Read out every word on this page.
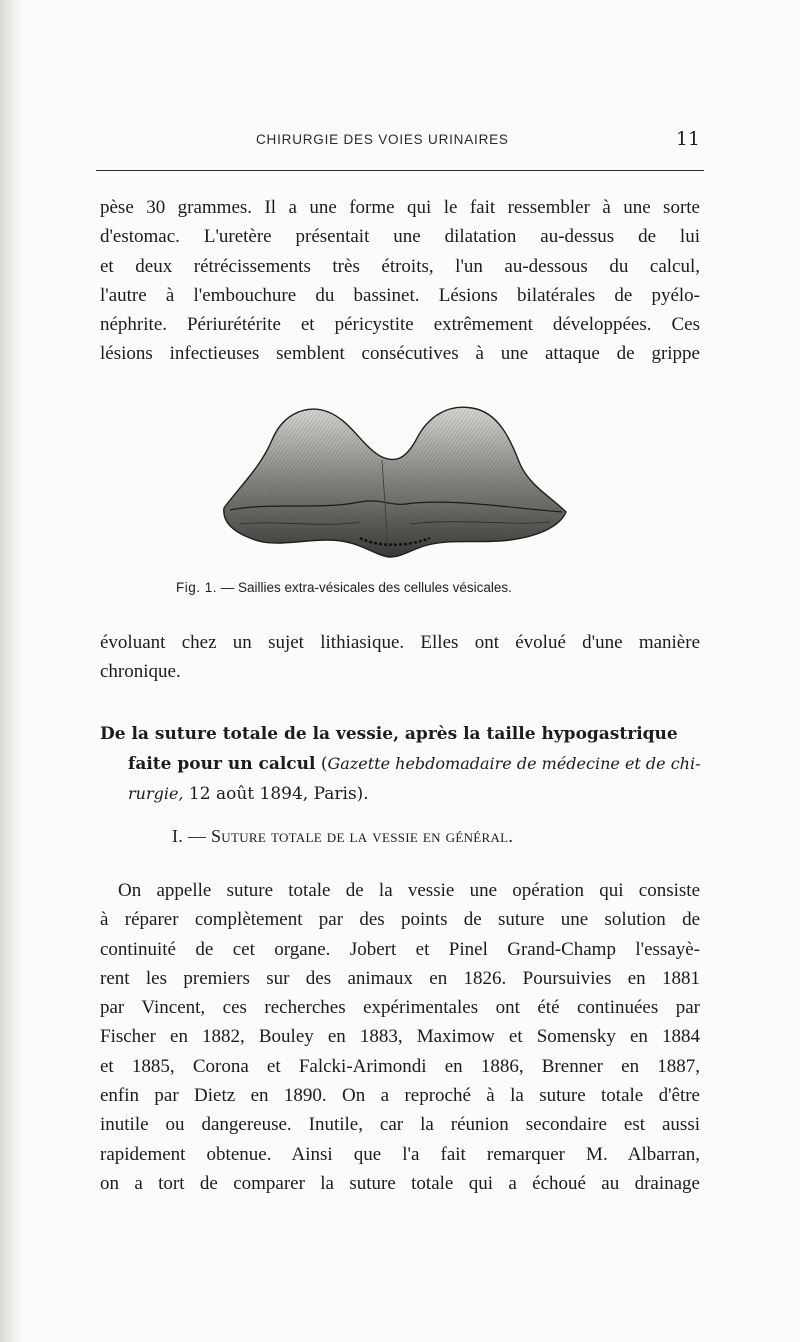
CHIRURGIE DES VOIES URINAIRES	11
pèse 30 grammes. Il a une forme qui le fait ressembler à une sorte
d'estomac. L'uretère présentait une dilatation au-dessus de lui
et deux rétrécissements très étroits, l'un au-dessous du calcul,
l'autre à l'embouchure du bassinet. Lésions bilatérales de pyélo-
néphrite. Périurétérite et péricystite extrêmement développées. Ces
lésions infectieuses semblent consécutives à une attaque de grippe
Fig. 1. — Saillies extra-vésicales des cellules vésicales.
évoluant chez un sujet lithiasique. Elles ont évolué d'une manière
chronique.
De la suture totale de la vessie, après la taille hypogastrique
faite pour un calcul (Gazette hebdomadaire de médecine et de chi-
rurgie, 12 août 1894, Paris).
I. — Suture totale de la vessie en général.
On appelle suture totale de la vessie une opération qui consiste
à réparer complètement par des points de suture une solution de
continuité de cet organe. Jobert et Pinel Grand-Champ l'essayè-
rent les premiers sur des animaux en 1826. Poursuivies en 1881
par Vincent, ces recherches expérimentales ont été continuées par
Fischer en 1882, Bouley en 1883, Maximow et Somensky en 1884
et 1885, Corona et Falcki-Arimondi en 1886, Brenner en 1887,
enfin par Dietz en 1890. On a reproché à la suture totale d'être
inutile ou dangereuse. Inutile, car la réunion secondaire est aussi
rapidement obtenue. Ainsi que l'a fait remarquer M. Albarran,
on a tort de comparer la suture totale qui a échoué au drainage
